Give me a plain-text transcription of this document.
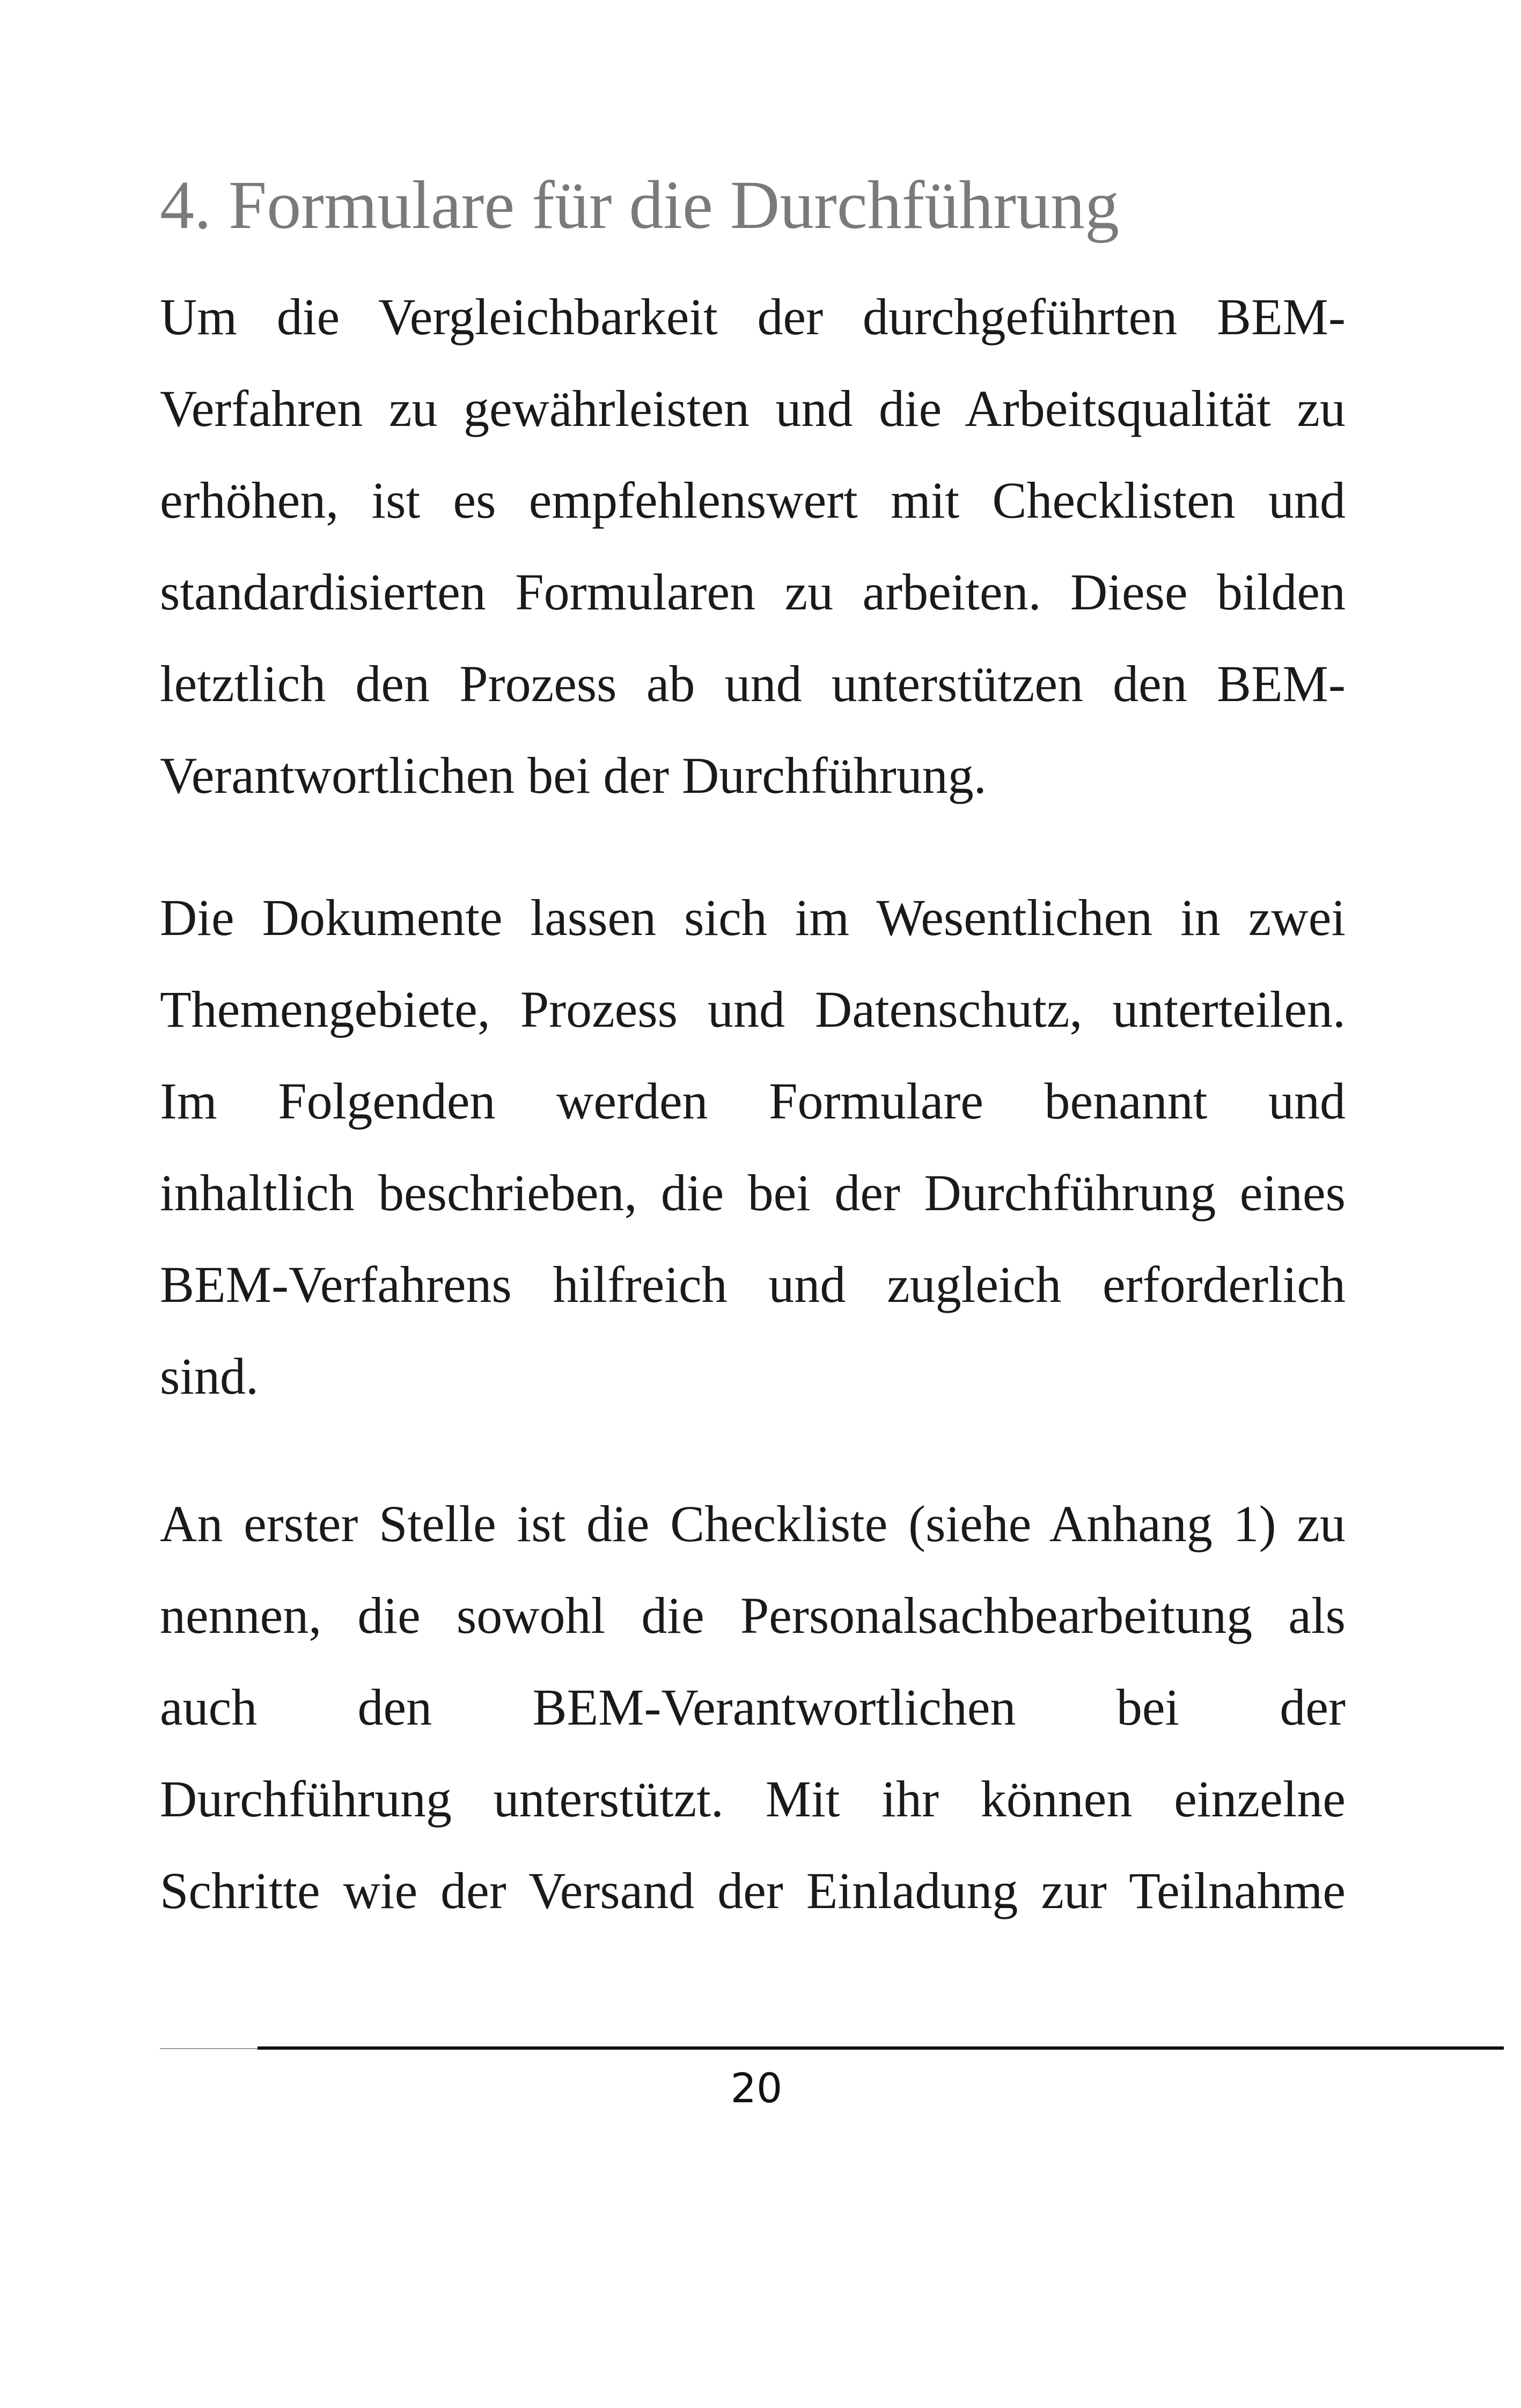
4. Formulare für die Durchführung
Um die Vergleichbarkeit der durchgeführten BEM-
Verfahren zu gewährleisten und die Arbeitsqualität zu
erhöhen, ist es empfehlenswert mit Checklisten und
standardisierten Formularen zu arbeiten. Diese bilden
letztlich den Prozess ab und unterstützen den BEM-
Verantwortlichen bei der Durchführung.
Die Dokumente lassen sich im Wesentlichen in zwei
Themengebiete, Prozess und Datenschutz, unterteilen.
Im Folgenden werden Formulare benannt und
inhaltlich beschrieben, die bei der Durchführung eines
BEM-Verfahrens hilfreich und zugleich erforderlich
sind.
An erster Stelle ist die Checkliste (siehe Anhang 1) zu
nennen, die sowohl die Personalsachbearbeitung als
auch den BEM-Verantwortlichen bei der
Durchführung unterstützt. Mit ihr können einzelne
Schritte wie der Versand der Einladung zur Teilnahme
20
